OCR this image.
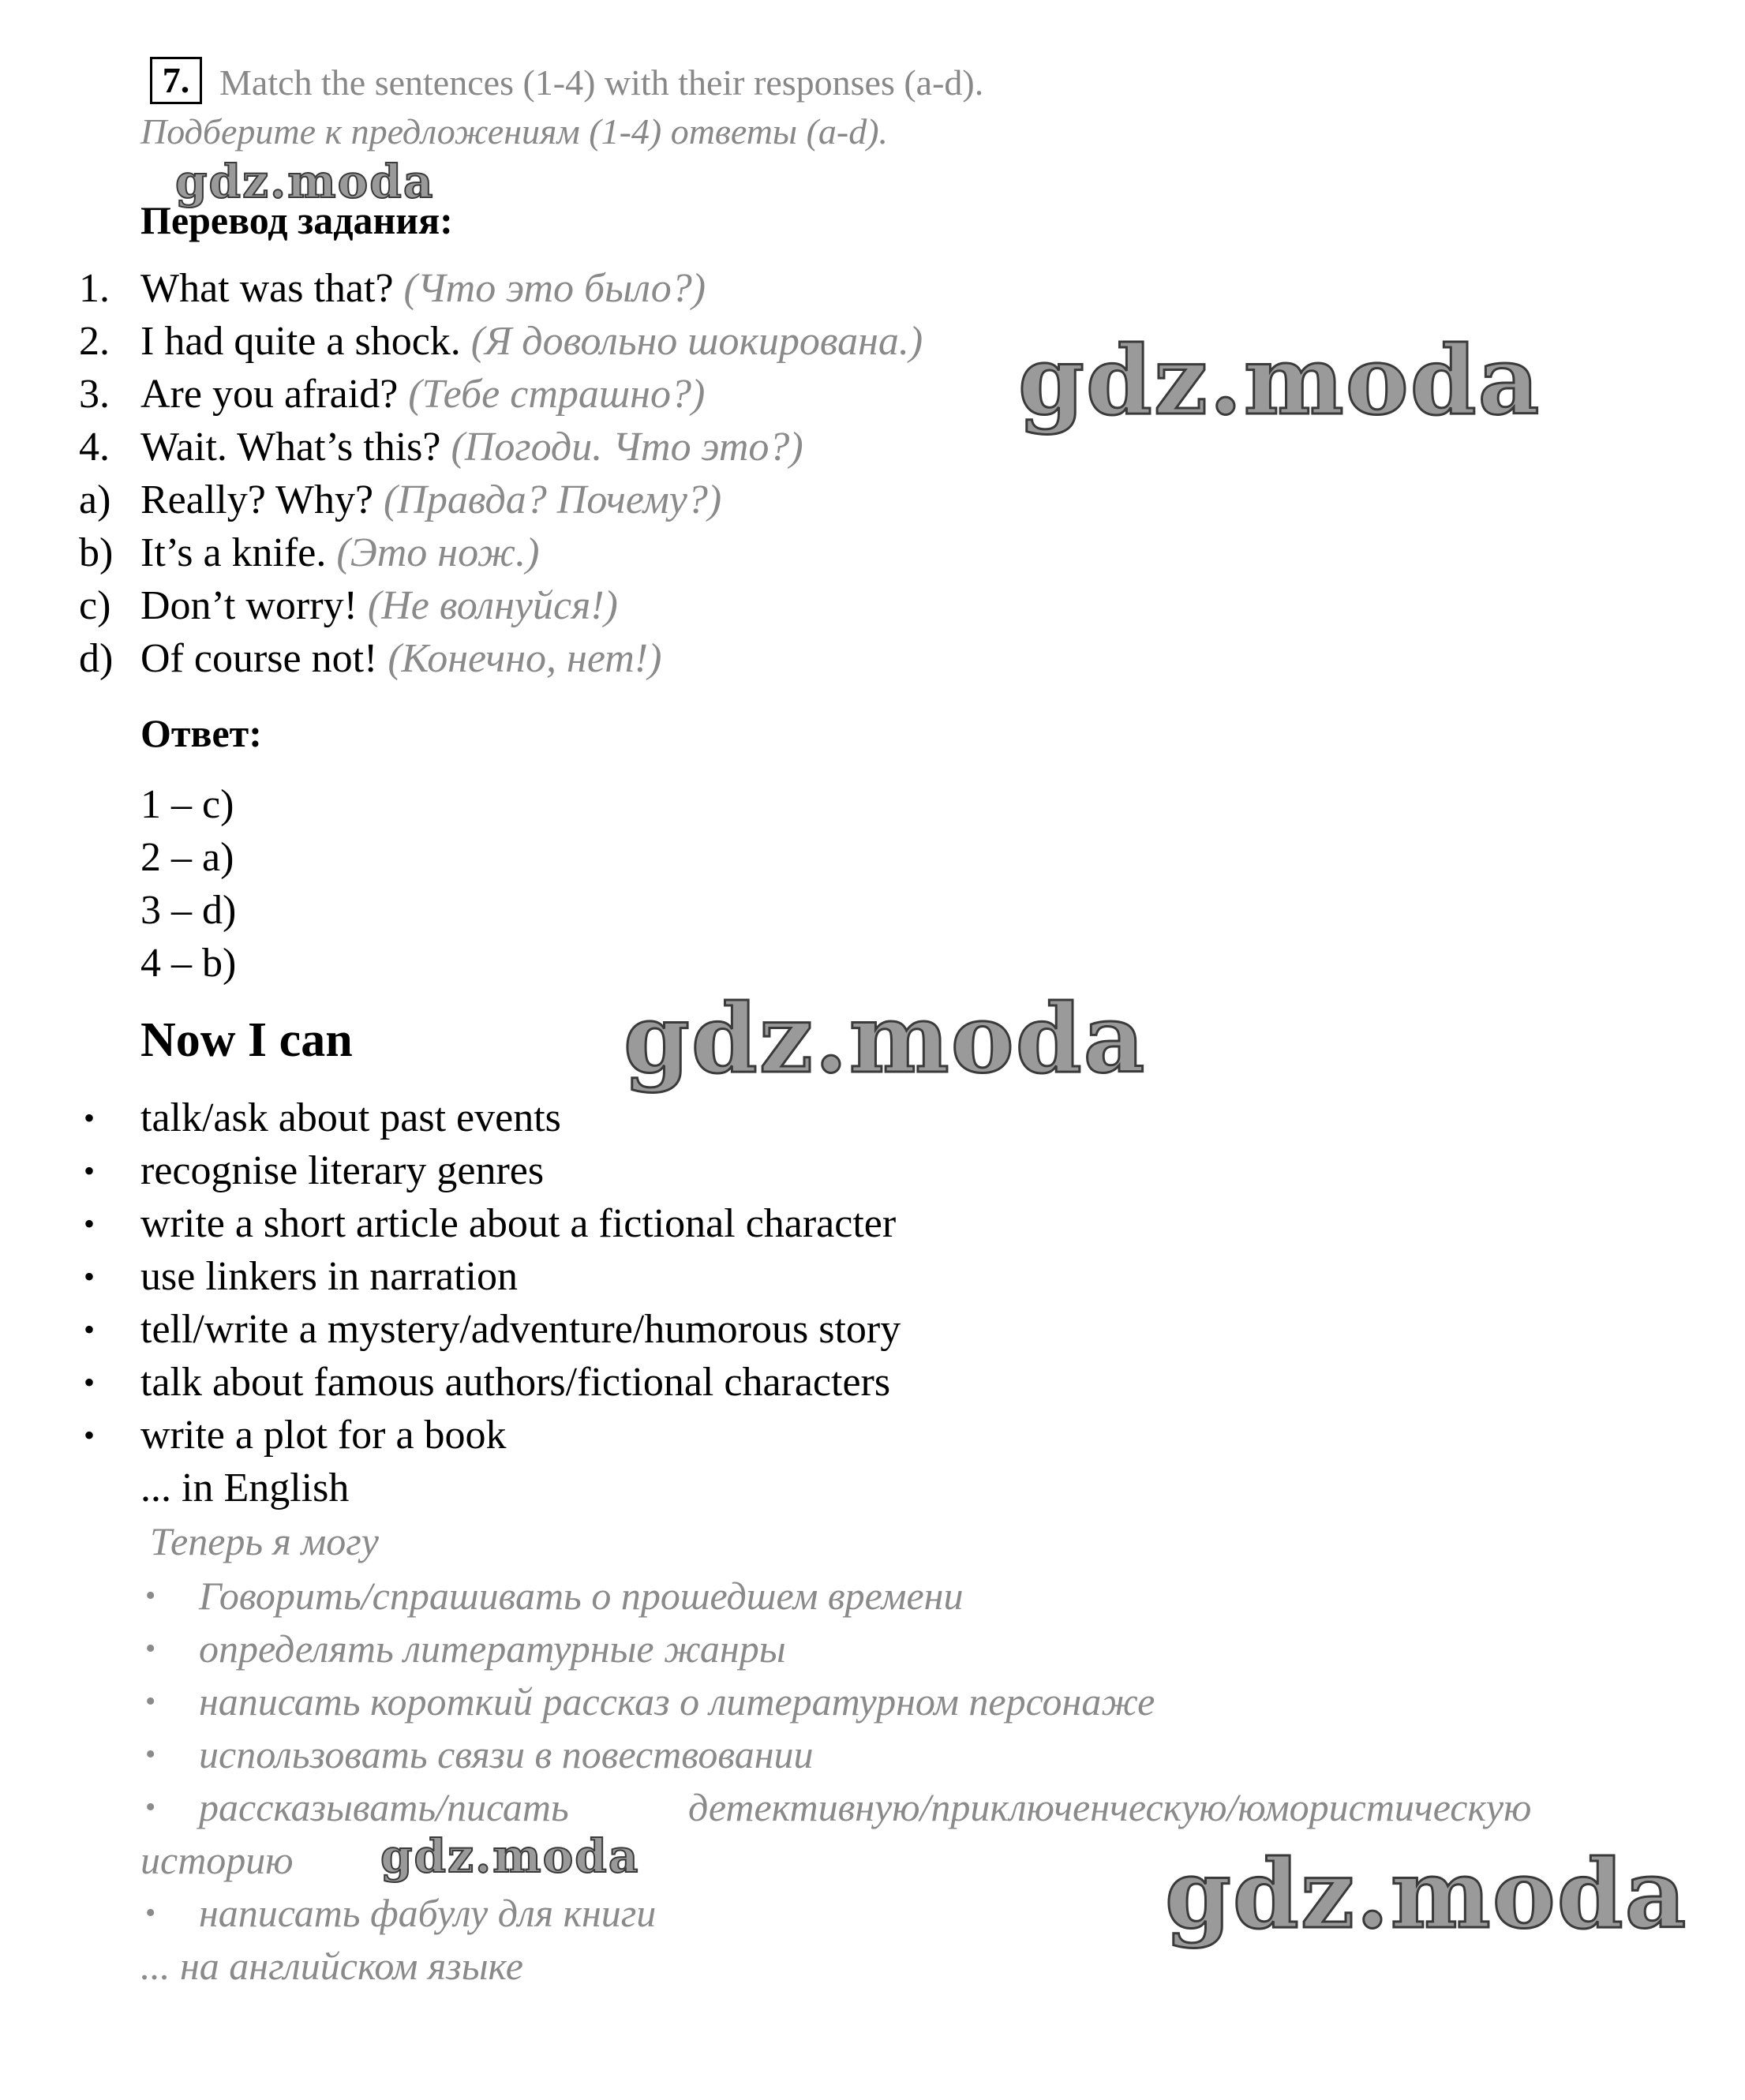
7. Match the sentences (1-4) with their responses (a-d).
Подберите к предложениям (1-4) ответы (a-d).
gdz.moda
Перевод задания:
1. What was that? (Что это было?)
2. I had quite a shock. (Я довольно шокирована.)
3. Are you afraid? (Тебе страшно?)
4. Wait. What’s this? (Погоди. Что это?)
a) Really? Why? (Правда? Почему?)
b) It’s a knife. (Это нож.)
c) Don’t worry! (Не волнуйся!)
d) Of course not! (Конечно, нет!)
gdz.moda
Ответ:
1 – c)
2 – a)
3 – d)
4 – b)
Now I can	gdz.moda
• talk/ask about past events
• recognise literary genres
• write a short article about a fictional character
• use linkers in narration
• tell/write a mystery/adventure/humorous story
• talk about famous authors/fictional characters
• write a plot for a book
... in English
Теперь я могу
• Говорить/спрашивать о прошедшем времени
• определять литературные жанры
• написать короткий рассказ о литературном персонаже
• использовать связи в повествовании
• рассказывать/писать	детективную/приключенческую/юмористическую
историю gdz.moda
• написать фабулу для книги
... на английском языке
gdz.moda
